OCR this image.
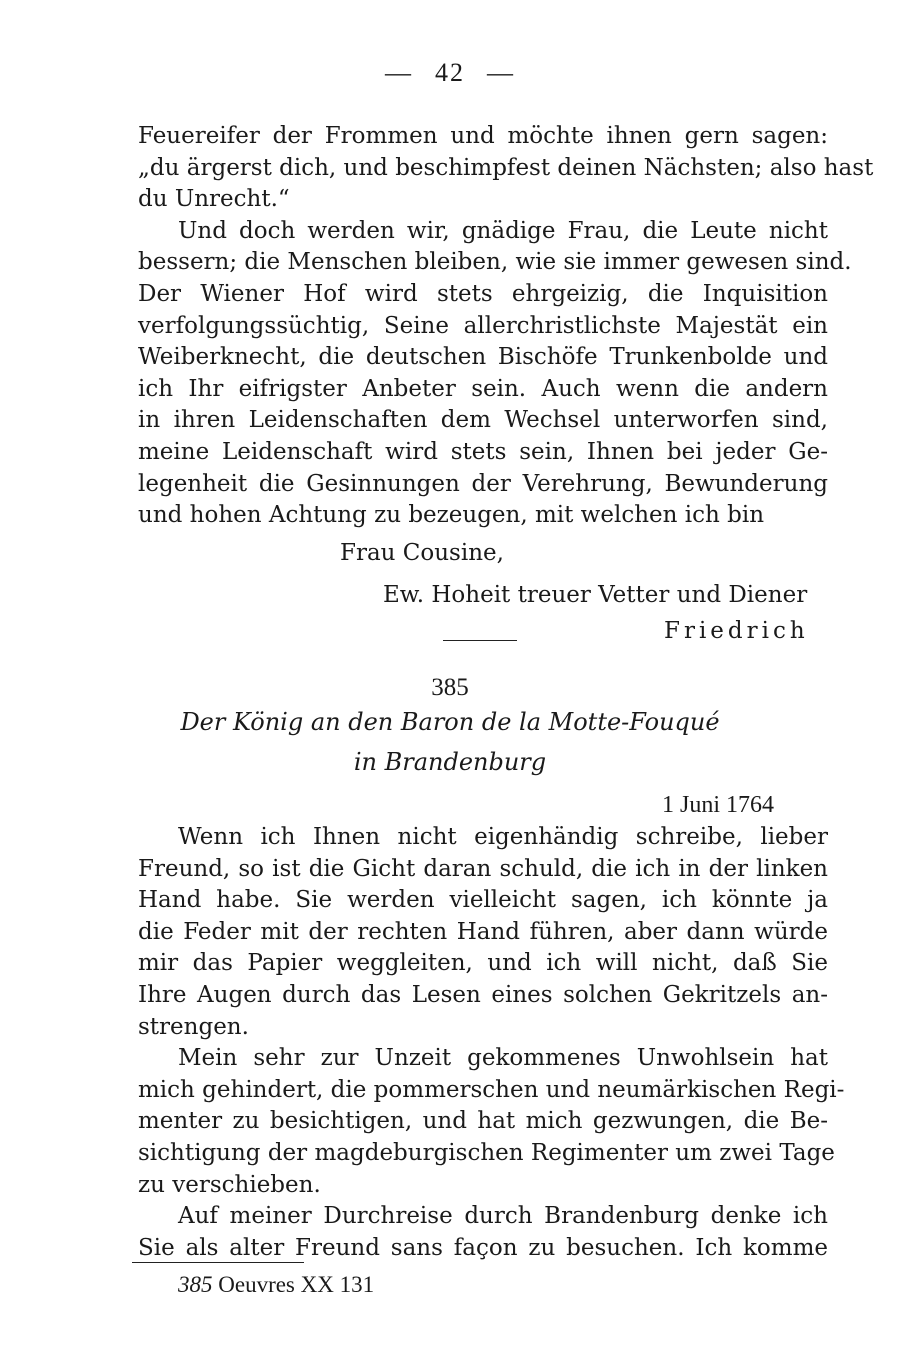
— 42 —

Feuereifer der Frommen und möchte ihnen gern sagen:
„du ärgerst dich, und beschimpfest deinen Nächsten; also hast
du Unrecht.“

Und doch werden wir, gnädige Frau, die Leute nicht
bessern; die Menschen bleiben, wie sie immer gewesen sind.
Der Wiener Hof wird stets ehrgeizig, die Inquisition
verfolgungssüchtig, Seine allerchristlichste Majestät ein
Weiberknecht, die deutschen Bischöfe Trunkenbolde und
ich Ihr eifrigster Anbeter sein. Auch wenn die andern
in ihren Leidenschaften dem Wechsel unterworfen sind,
meine Leidenschaft wird stets sein, Ihnen bei jeder Ge-
legenheit die Gesinnungen der Verehrung, Bewunderung
und hohen Achtung zu bezeugen, mit welchen ich bin

Frau Cousine,
Ew. Hoheit treuer Vetter und Diener
Friedrich
385
Der König an den Baron de la Motte-Fouqué
in Brandenburg
1 Juni 1764

Wenn ich Ihnen nicht eigenhändig schreibe, lieber
Freund, so ist die Gicht daran schuld, die ich in der linken
Hand habe. Sie werden vielleicht sagen, ich könnte ja
die Feder mit der rechten Hand führen, aber dann würde
mir das Papier weggleiten, und ich will nicht, daß Sie
Ihre Augen durch das Lesen eines solchen Gekritzels an-
strengen.

Mein sehr zur Unzeit gekommenes Unwohlsein hat
mich gehindert, die pommerschen und neumärkischen Regi-
menter zu besichtigen, und hat mich gezwungen, die Be-
sichtigung der magdeburgischen Regimenter um zwei Tage
zu verschieben.

Auf meiner Durchreise durch Brandenburg denke ich
Sie als alter Freund sans façon zu besuchen. Ich komme

385 Oeuvres XX 131
